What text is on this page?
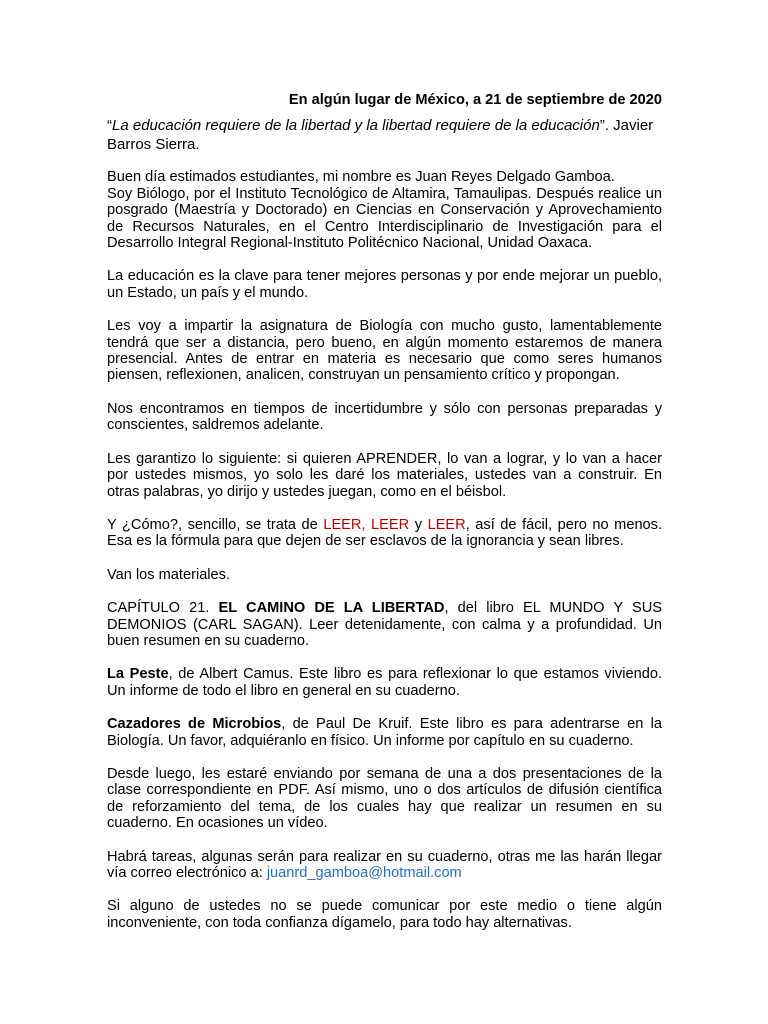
En algún lugar de México, a 21 de septiembre de 2020

“La educación requiere de la libertad y la libertad requiere de la educación”. Javier Barros Sierra.

Buen día estimados estudiantes, mi nombre es Juan Reyes Delgado Gamboa.

Soy Biólogo, por el Instituto Tecnológico de Altamira, Tamaulipas. Después realice un posgrado (Maestría y Doctorado) en Ciencias en Conservación y Aprovechamiento de Recursos Naturales, en el Centro Interdisciplinario de Investigación para el Desarrollo Integral Regional-Instituto Politécnico Nacional, Unidad Oaxaca.

La educación es la clave para tener mejores personas y por ende mejorar un pueblo, un Estado, un país y el mundo.

Les voy a impartir la asignatura de Biología con mucho gusto, lamentablemente tendrá que ser a distancia, pero bueno, en algún momento estaremos de manera presencial. Antes de entrar en materia es necesario que como seres humanos piensen, reflexionen, analicen, construyan un pensamiento crítico y propongan.

Nos encontramos en tiempos de incertidumbre y sólo con personas preparadas y conscientes, saldremos adelante.

Les garantizo lo siguiente: si quieren APRENDER, lo van a lograr, y lo van a hacer por ustedes mismos, yo solo les daré los materiales, ustedes van a construir. En otras palabras, yo dirijo y ustedes juegan, como en el béisbol.

Y ¿Cómo?, sencillo, se trata de LEER, LEER y LEER, así de fácil, pero no menos. Esa es la fórmula para que dejen de ser esclavos de la ignorancia y sean libres.

Van los materiales.

CAPÍTULO 21. EL CAMINO DE LA LIBERTAD, del libro EL MUNDO Y SUS DEMONIOS (CARL SAGAN). Leer detenidamente, con calma y a profundidad. Un buen resumen en su cuaderno.

La Peste, de Albert Camus. Este libro es para reflexionar lo que estamos viviendo. Un informe de todo el libro en general en su cuaderno.

Cazadores de Microbios, de Paul De Kruif. Este libro es para adentrarse en la Biología. Un favor, adquiéranlo en físico. Un informe por capítulo en su cuaderno.

Desde luego, les estaré enviando por semana de una a dos presentaciones de la clase correspondiente en PDF. Así mismo, uno o dos artículos de difusión científica de reforzamiento del tema, de los cuales hay que realizar un resumen en su cuaderno. En ocasiones un vídeo.

Habrá tareas, algunas serán para realizar en su cuaderno, otras me las harán llegar vía correo electrónico a: juanrd_gamboa@hotmail.com

Si alguno de ustedes no se puede comunicar por este medio o tiene algún inconveniente, con toda confianza dígamelo, para todo hay alternativas.
